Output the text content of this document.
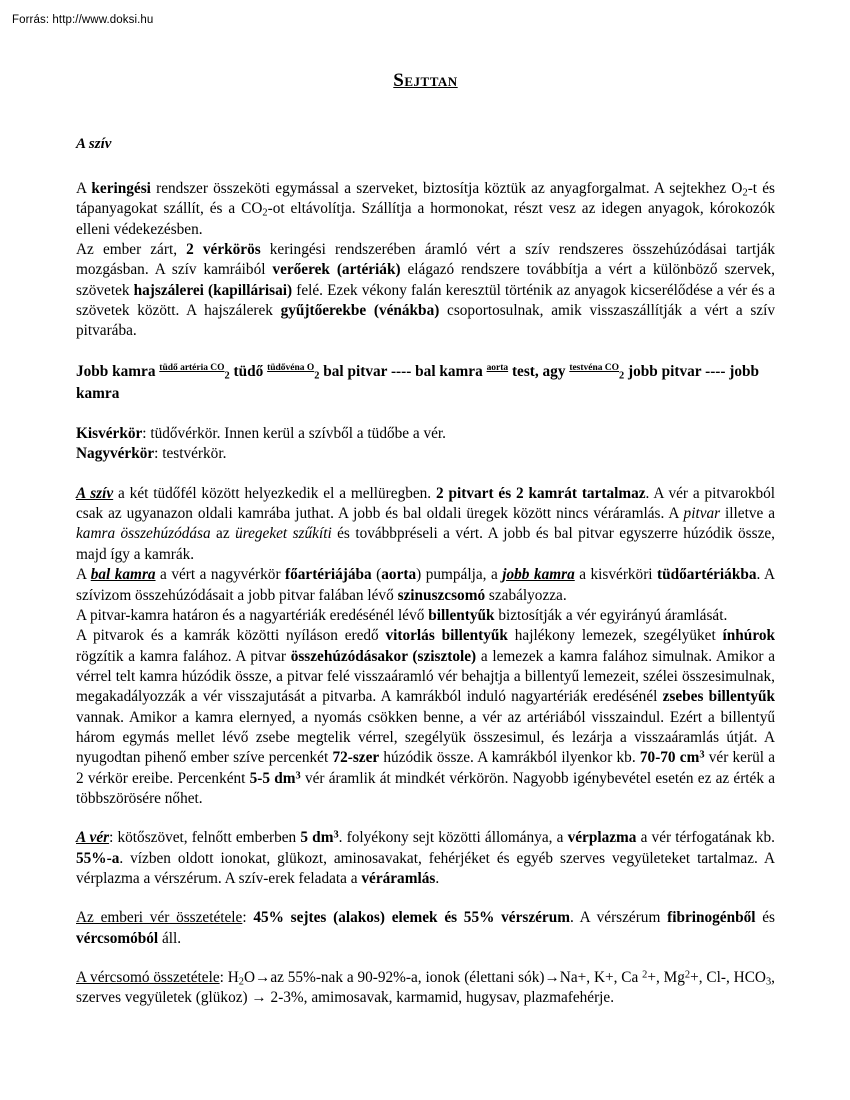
Forrás: http://www.doksi.hu
Sejttan
A szív

A keringési rendszer összeköti egymással a szerveket, biztosítja köztük az anyagforgalmat. A sejtekhez $O_2-t$ és tápanyagokat szállít, és a $CO_2-ot$ eltávolítja. Szállítja a hormonokat, részt vesz az idegen anyagok, kórokozók elleni védekezésben.

Az ember zárt, 2 vérkörös keringési rendszerében áramló vért a szív rendszeres összehúzódásai tartják mozgásban. A szív kamráiból verőerek (artériák) elágazó rendszere továbbítja a vért a különböző szervek, szövetek hajszálerei (kapillárisai) felé. Ezek vékony falán keresztül történik az anyagok kicserélődése a vér és a szövetek között. A hajszálerek gyűjtőerekbe (vénákba) csoportosulnak, amik visszaszállítják a vért a szív pitvarába.

Jobb kamra $^{tüdő artéria CO}$2 tüdő $^{tüdővéna O}$2 bal pitvar ---- bal kamra $^{aorta}$ test, agy $^{testvéna CO}$2 jobb pitvar ---- jobb kamra

Kisvérkör: tüdővérkör. Innen kerül a szívből a tüdőbe a vér.

Nagyvérkör: testvérkör.

A szív a két tüdőfél között helyezkedik el a mellüregben. 2 pitvart és 2 kamrát tartalmaz. A vér a pitvarokból csak az ugyanazon oldali kamrába juthat. A jobb és bal oldali üregek között nincs véráramlás. A pitvar illetve a kamra összehúzódása az üregeket szűkíti és továbbpréseli a vért. A jobb és bal pitvar egyszerre húzódik össze, majd így a kamrák.

A bal kamra a vért a nagyvérkör főartériájába (aorta) pumpálja, a jobb kamra a kisvérköri tüdőartériákba. A szívizom összehúzódásait a jobb pitvar falában lévő szinuszcsomó szabályozza.

A pitvar-kamra határon és a nagyartériák eredésénél lévő billentyűk biztosítják a vér egyirányú áramlását.

A pitvarok és a kamrák közötti nyíláson eredő vitorlás billentyűk hajlékony lemezek, szegélyüket ínhúrok rögzítik a kamra falához. A pitvar összehúzódásakor (szisztole) a lemezek a kamra falához simulnak. Amikor a vérrel telt kamra húzódik össze, a pitvar felé visszaáramló vér behajtja a billentyű lemezeit, szélei összesimulnak, megakadályozzák a vér visszajutását a pitvarba. A kamrákból induló nagyartériák eredésénél zsebes billentyűk vannak. Amikor a kamra elernyed, a nyomás csökken benne, a vér az artériából visszaindul. Ezért a billentyű három egymás mellet lévő zsebe megtelik vérrel, szegélyük összesimul, és lezárja a visszaáramlás útját. A nyugodtan pihenő ember szíve percenkét 72-szer húzódik össze. A kamrákból ilyenkor kb. 70-70 $cm^3$ vér kerül a 2 vérkör ereibe. Percenként 5-5 $dm^3$ vér áramlik át mindkét vérkörön. Nagyobb igénybevétel esetén ez az érték a többszörösére nőhet.

A vér: kötőszövet, felnőtt emberben 5 $dm^3$. folyékony sejt közötti állománya, a vérplazma a vér térfogatának kb. 55%-a. vízben oldott ionokat, glükozt, aminosavakat, fehérjéket és egyéb szerves vegyületeket tartalmaz. A vérplazma a vérszérum. A szív-erek feladata a véráramlás.

Az emberi vér összetétele: 45% sejtes (alakos) elemek és 55% vérszérum. A vérszérum fibrinogénből és vércsomóból áll.

A vércsomó összetétele: $H_2O\to az$ 55%-nak a 90-92%-a, ionok (élettani sók)→Na+, K+, Ca $^2$+, $Mg^2+$, Cl-, $HCO_3$, szerves vegyületek (glükoz) → 2-3%, amimosavak, karmamid, hugysav, plazmafehérje.
